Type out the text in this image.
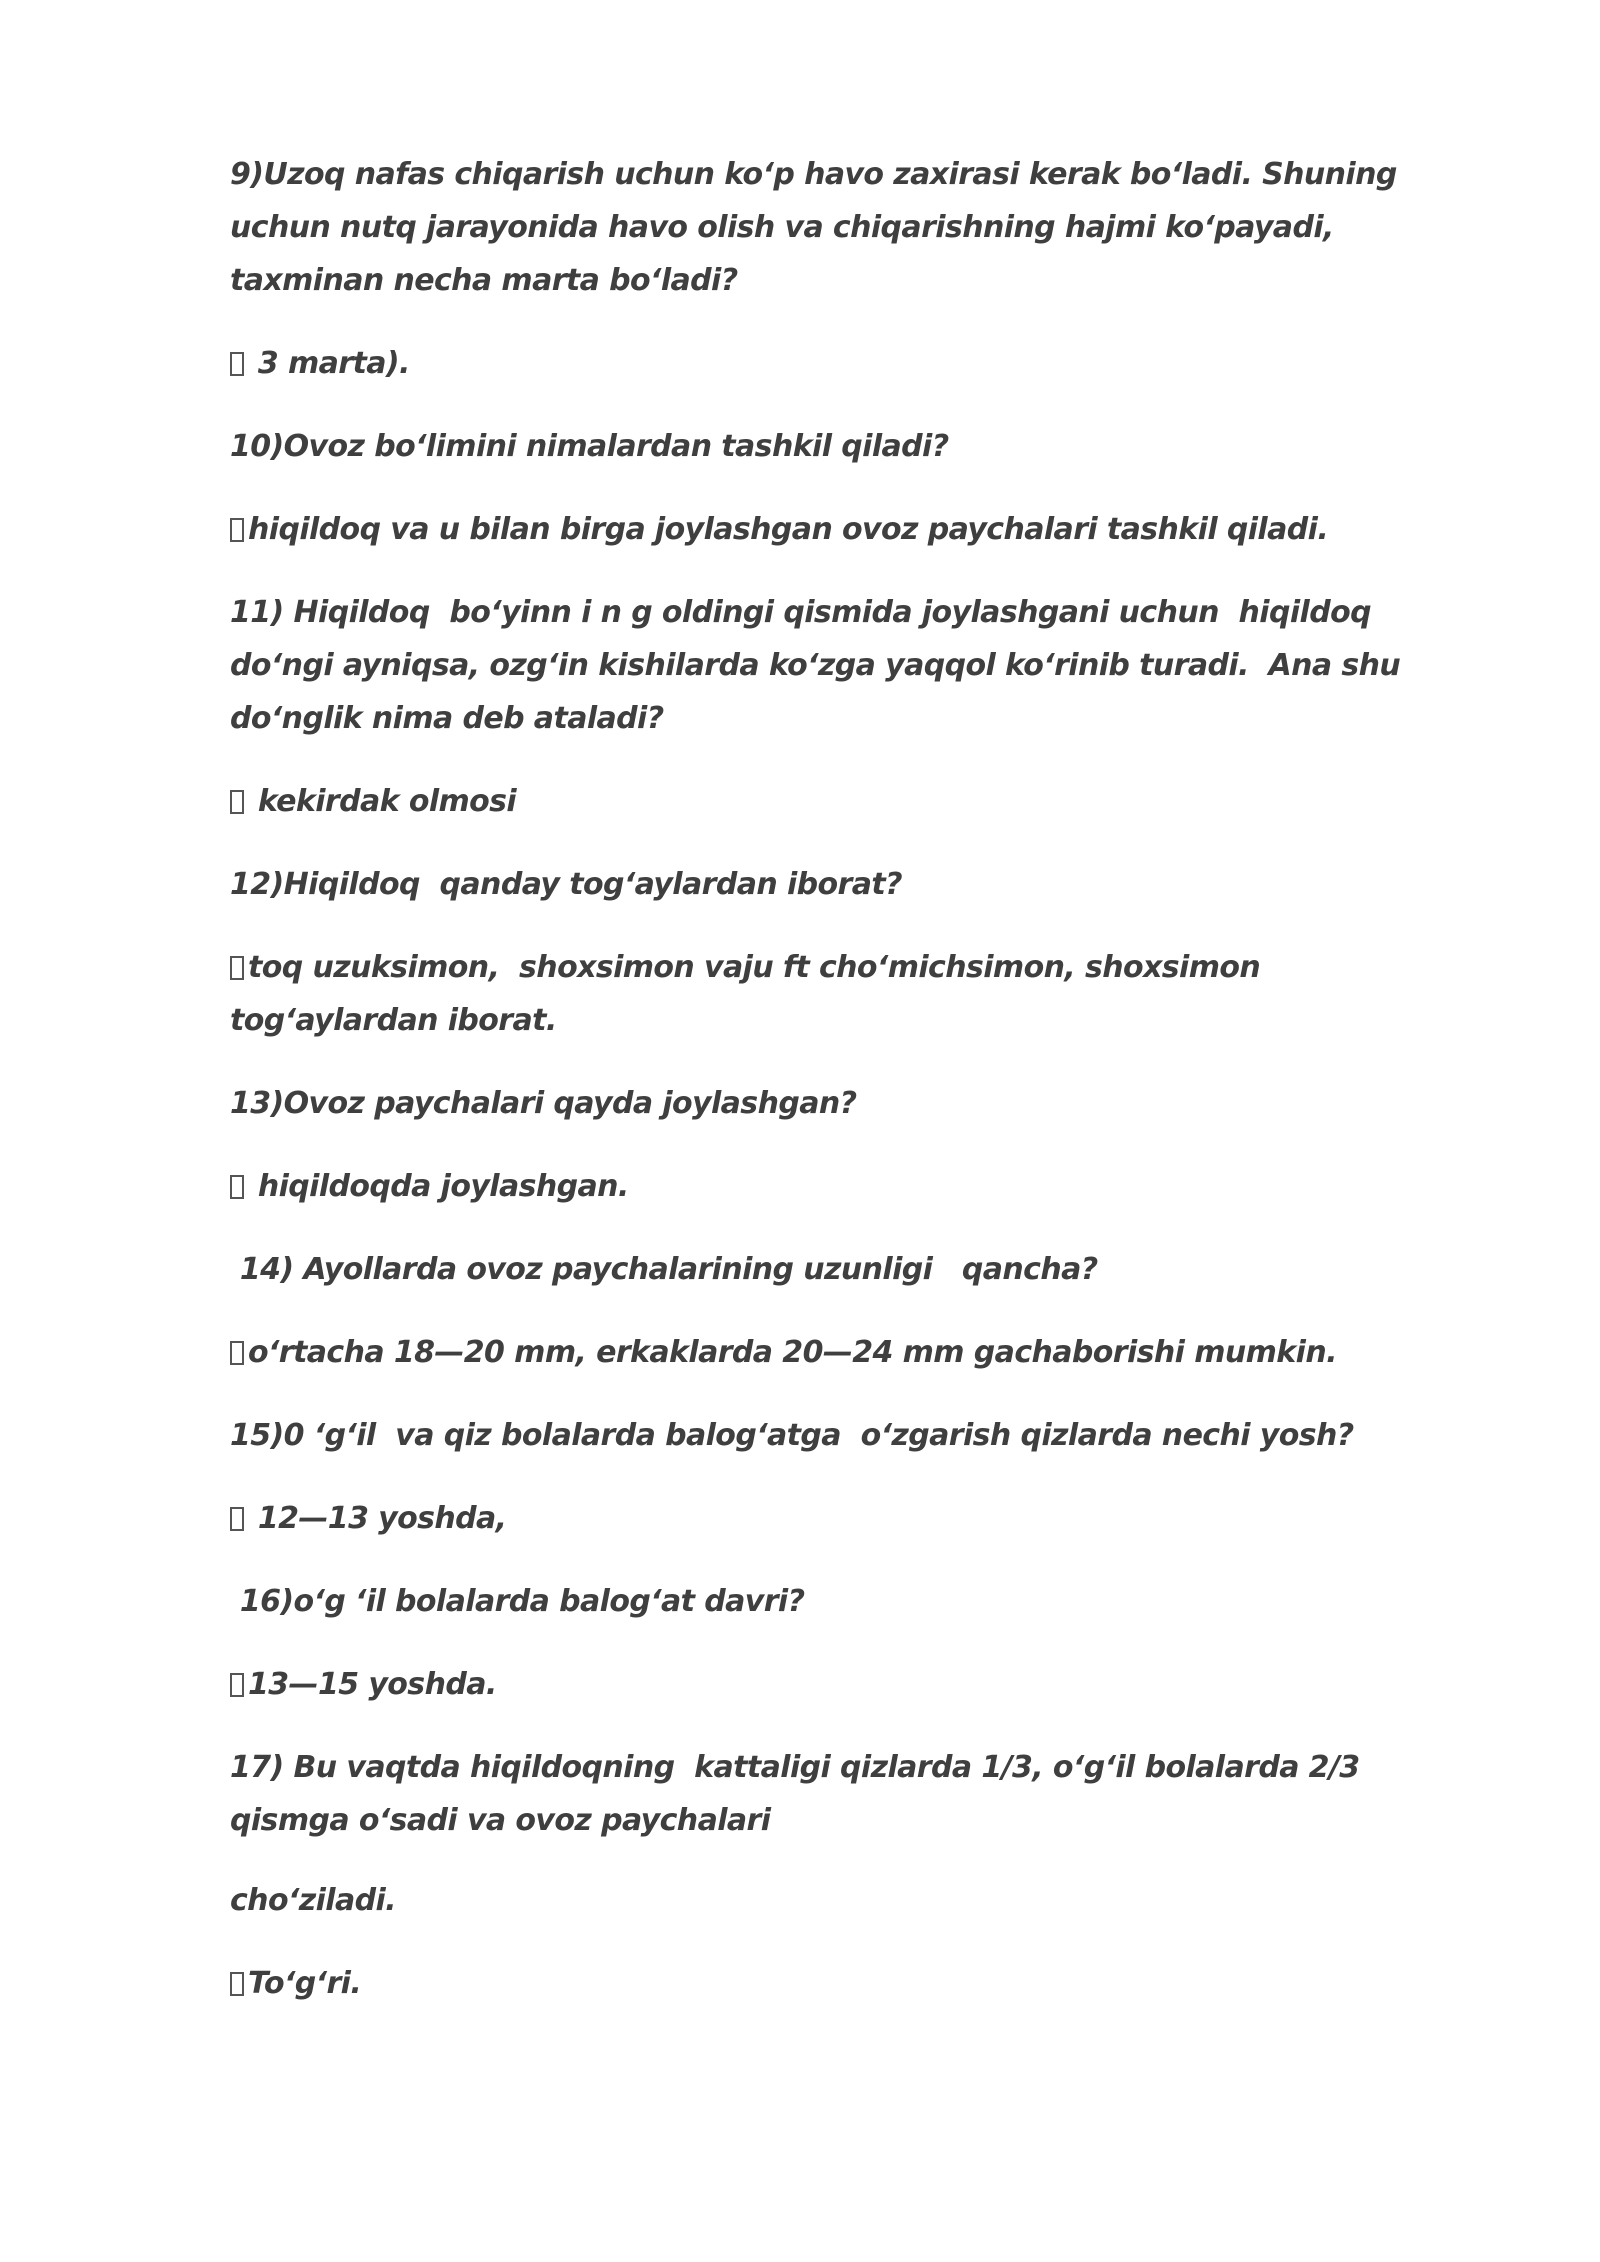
9)Uzoq nafas chiqarish uchun ko‘p havo zaxirasi kerak bo‘ladi. Shuning  uchun nutq jarayonida havo olish va chiqarishning hajmi ko‘payadi, taxminan necha marta bo‘ladi?

3 marta).

10)Ovoz bo‘limini nimalardan tashkil qiladi?

hiqildoq va u bilan birga joylashgan ovoz paychalari tashkil qiladi.

11) Hiqildoq  bo‘yinn i n g oldingi qismida joylashgani uchun  hiqildoq do‘ngi ayniqsa, ozg‘in kishilarda ko‘zga yaqqol ko‘rinib turadi.  Ana shu do‘nglik nima deb ataladi?

kekirdak olmosi

12)Hiqildoq  qanday tog‘aylardan iborat?

toq uzuksimon,  shoxsimon vaju ft cho‘michsimon, shoxsimon tog‘aylardan iborat.

13)Ovoz paychalari qayda joylashgan?

hiqildoqda joylashgan.

14) Ayollarda ovoz paychalarining uzunligi   qancha?

o‘rtacha 18—20 mm, erkaklarda 20—24 mm gachaborishi mumkin.

15)0 ‘g‘il  va qiz bolalarda balog‘atga  o‘zgarish qizlarda nechi yosh?

12—13 yoshda,

16)o‘g ‘il bolalarda balog‘at davri?

13—15 yoshda.

17) Bu vaqtda hiqildoqning  kattaligi qizlarda 1/3, o‘g‘il bolalarda 2/3 qismga o‘sadi va ovoz paychalari

cho‘ziladi.

To‘g‘ri.
